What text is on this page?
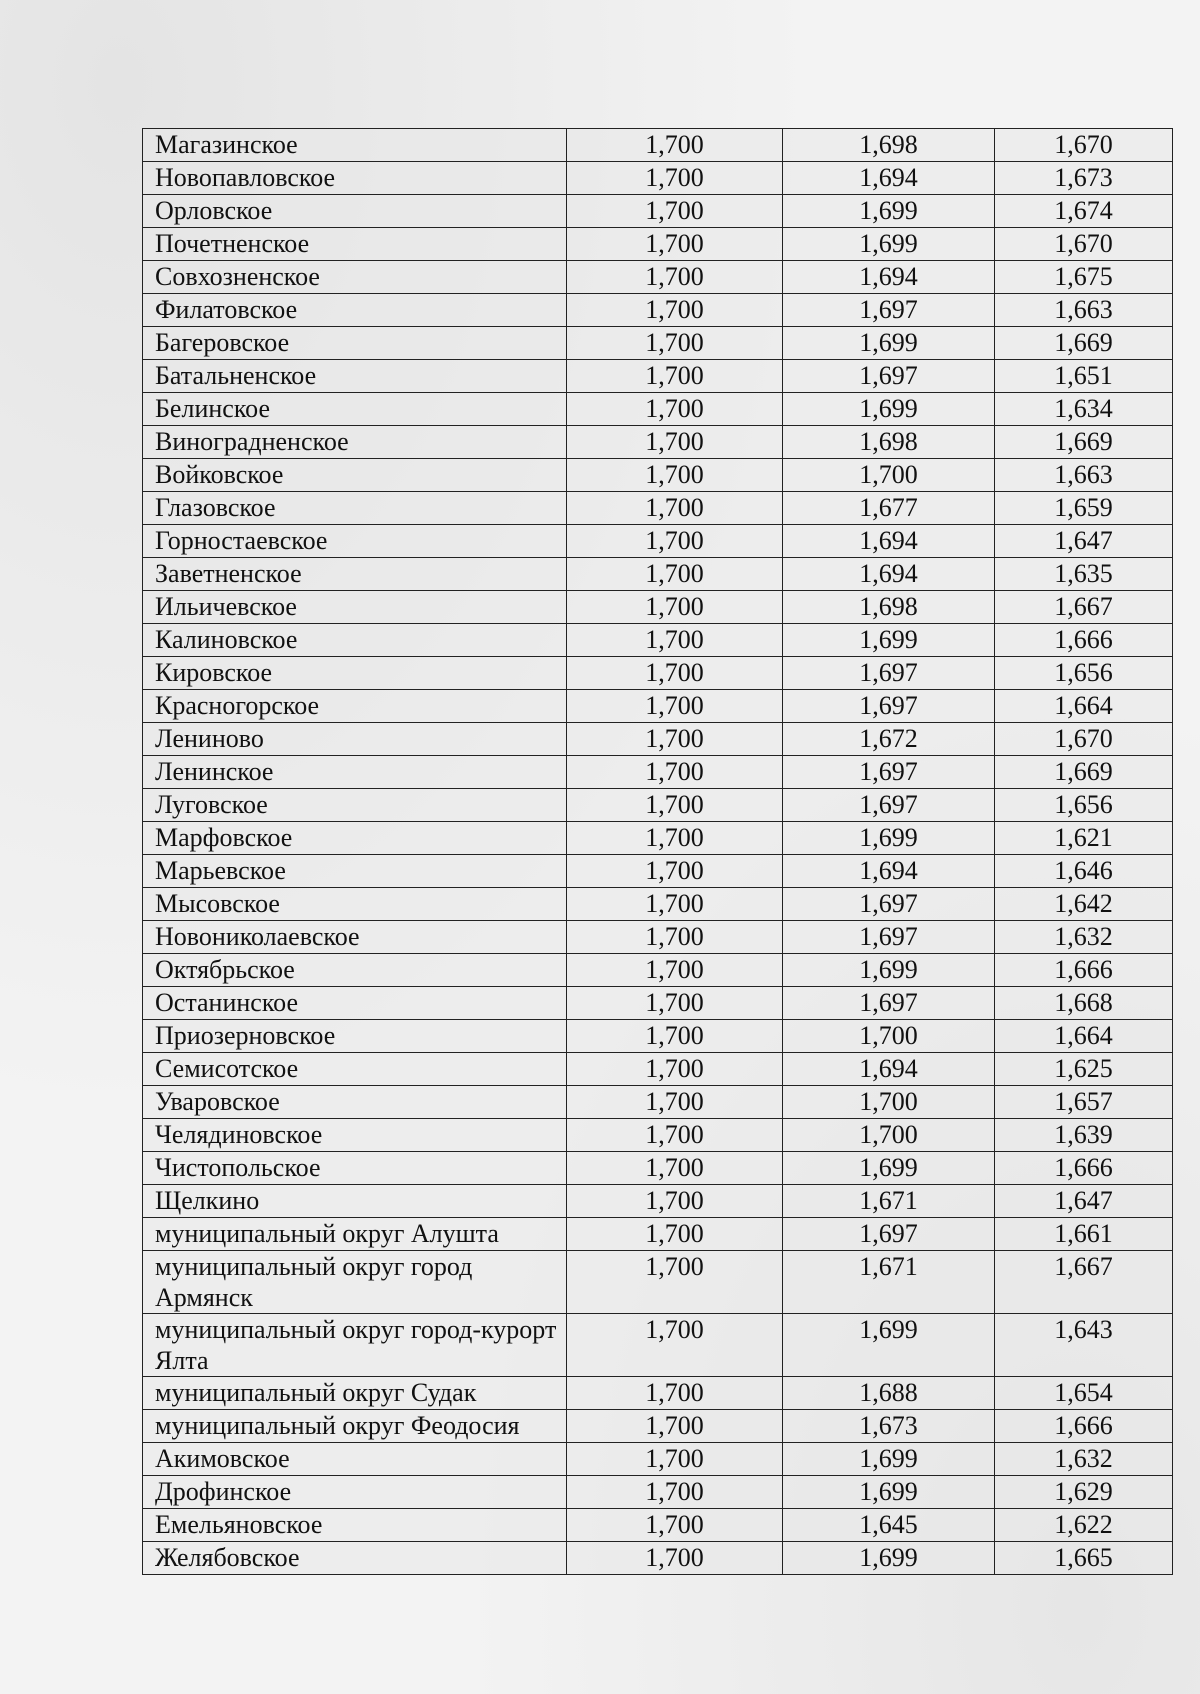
Магазинское	1,700	1,698	1,670
Новопавловское	1,700	1,694	1,673
Орловское	1,700	1,699	1,674
Почетненское	1,700	1,699	1,670
Совхозненское	1,700	1,694	1,675
Филатовское	1,700	1,697	1,663
Багеровское	1,700	1,699	1,669
Батальненское	1,700	1,697	1,651
Белинское	1,700	1,699	1,634
Виноградненское	1,700	1,698	1,669
Войковское	1,700	1,700	1,663
Глазовское	1,700	1,677	1,659
Горностаевское	1,700	1,694	1,647
Заветненское	1,700	1,694	1,635
Ильичевское	1,700	1,698	1,667
Калиновское	1,700	1,699	1,666
Кировское	1,700	1,697	1,656
Красногорское	1,700	1,697	1,664
Лениново	1,700	1,672	1,670
Ленинское	1,700	1,697	1,669
Луговское	1,700	1,697	1,656
Марфовское	1,700	1,699	1,621
Марьевское	1,700	1,694	1,646
Мысовское	1,700	1,697	1,642
Новониколаевское	1,700	1,697	1,632
Октябрьское	1,700	1,699	1,666
Останинское	1,700	1,697	1,668
Приозерновское	1,700	1,700	1,664
Семисотское	1,700	1,694	1,625
Уваровское	1,700	1,700	1,657
Челядиновское	1,700	1,700	1,639
Чистопольское	1,700	1,699	1,666
Щелкино	1,700	1,671	1,647
муниципальный округ Алушта	1,700	1,697	1,661
муниципальный округ город Армянск	1,700	1,671	1,667
муниципальный округ город-курорт Ялта	1,700	1,699	1,643
муниципальный округ Судак	1,700	1,688	1,654
муниципальный округ Феодосия	1,700	1,673	1,666
Акимовское	1,700	1,699	1,632
Дрофинское	1,700	1,699	1,629
Емельяновское	1,700	1,645	1,622
Желябовское	1,700	1,699	1,665
